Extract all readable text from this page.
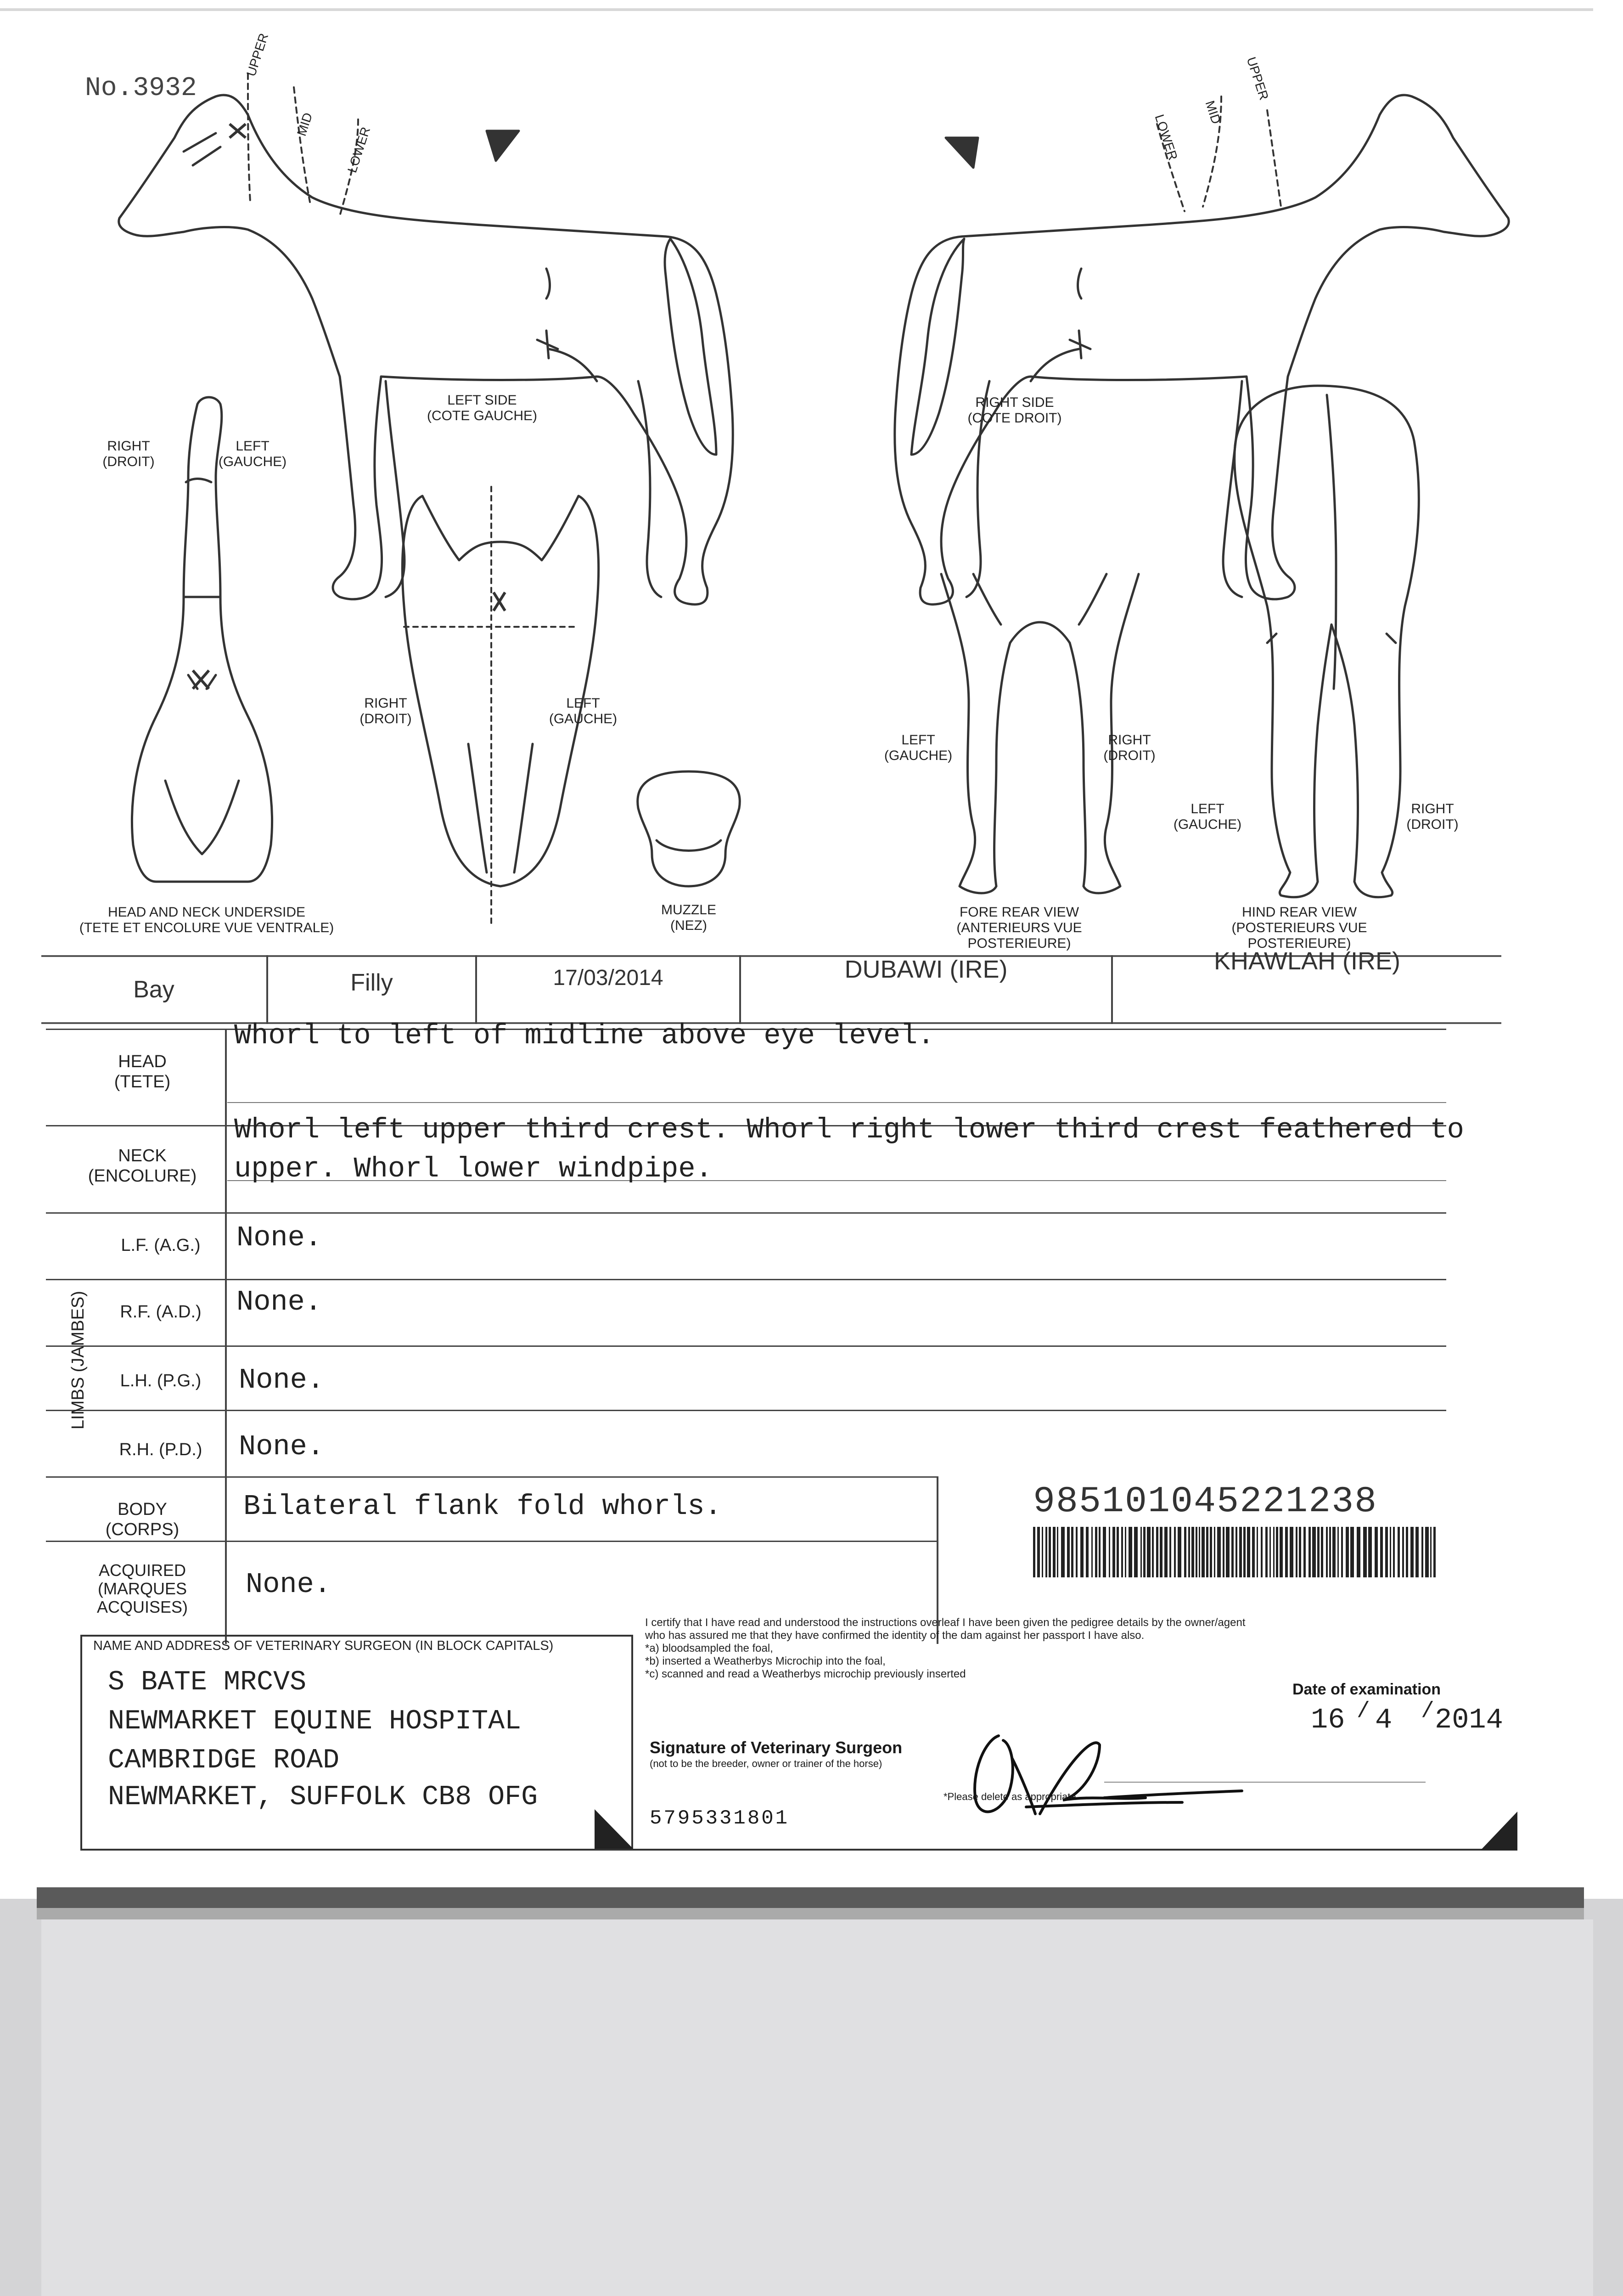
No.3932
UPPER
MID
LOWER
UPPER
MID
LOWER
LEFT SIDE
(COTE GAUCHE)
RIGHT SIDE
(COTE DROIT)
RIGHT
(DROIT)
LEFT
(GAUCHE)
RIGHT
(DROIT)
LEFT
(GAUCHE)
LEFT
(GAUCHE)
RIGHT
(DROIT)
LEFT
(GAUCHE)
RIGHT
(DROIT)
HEAD AND NECK UNDERSIDE
(TETE ET ENCOLURE VUE VENTRALE)
MUZZLE
(NEZ)
FORE REAR VIEW
(ANTERIEURS VUE
POSTERIEURE)
HIND REAR VIEW
(POSTERIEURS VUE
POSTERIEURE)
Bay	Filly	17/03/2014	DUBAWI (IRE)	KHAWLAH (IRE)
HEAD
(TETE)
Whorl to left of midline above eye level.
NECK
(ENCOLURE)
Whorl left upper third crest. Whorl right lower third crest feathered to
upper. Whorl lower windpipe.
LIMBS (JAMBES)
L.F. (A.G.)	None.
R.F. (A.D.)	None.
L.H. (P.G.)	None.
R.H. (P.D.)	None.
BODY
(CORPS)
Bilateral flank fold whorls.
ACQUIRED
(MARQUES
ACQUISES)
None.
985101045221238
NAME AND ADDRESS OF VETERINARY SURGEON (IN BLOCK CAPITALS)
S BATE MRCVS
NEWMARKET EQUINE HOSPITAL
CAMBRIDGE ROAD
NEWMARKET, SUFFOLK CB8 OFG
I certify that I have read and understood the instructions overleaf I have been given the pedigree details by the owner/agent
who has assured me that they have confirmed the identity of the dam against her passport I have also.
*a) bloodsampled the foal,
*b) inserted a Weatherbys Microchip into the foal,
*c) scanned and read a Weatherbys microchip previously inserted
Signature of Veterinary Surgeon
(not to be the breeder, owner or trainer of the horse)
*Please delete as appropriate
Date of examination
16 / 4 / 2014
5795331801
